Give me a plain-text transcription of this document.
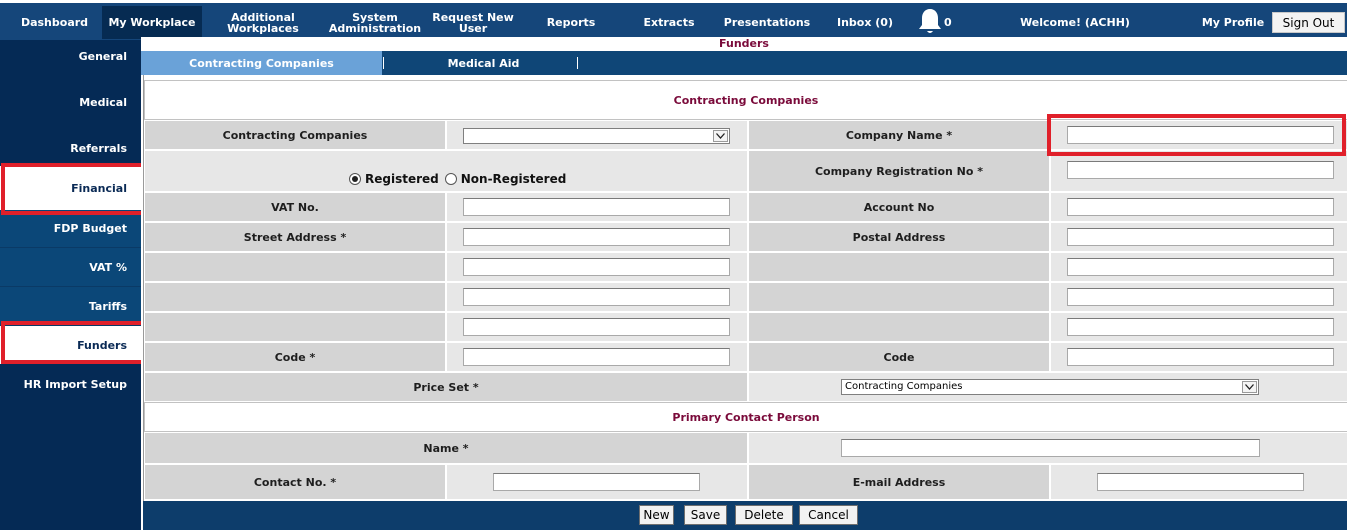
Dashboard	My Workplace	Additional Workplaces
System Administration
Request New User	Reports	Extracts	Presentations	Inbox (0)	0	Welcome! (ACHH)	My Profile	Sign Out
General
Medical
Referrals
Financial
FDP Budget
VAT %
Tariffs
Funders
HR Import Setup
Funders
Contracting Companies	Medical Aid
Contracting Companies
Contracting Companies	Company Name *
Registered Non-Registered
Company Registration No *
VAT No.	Account No
Street Address *	Postal Address
Code *	Code
Price Set *	Contracting Companies
Primary Contact Person
Name *
Contact No. *	E-mail Address
New	Save	Delete	Cancel
